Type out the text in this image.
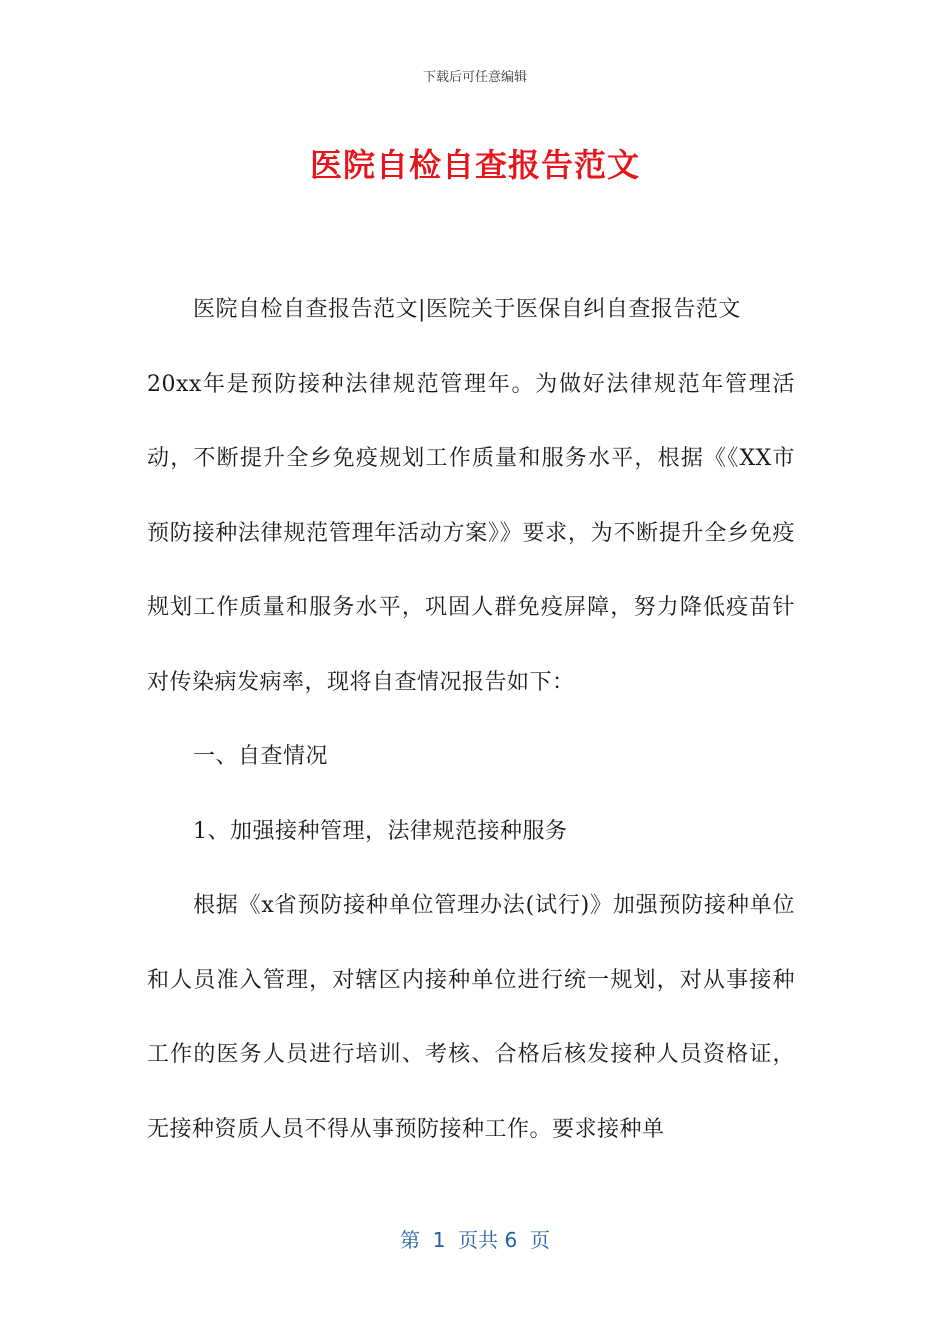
下载后可任意编辑
医院自检自查报告范文

医院自检自查报告范文|医院关于医保自纠自查报告范文

20xx年是预防接种法律规范管理年。为做好法律规范年管理活动，不断提升全乡免疫规划工作质量和服务水平，根据《《XX市预防接种法律规范管理年活动方案》》要求，为不断提升全乡免疫规划工作质量和服务水平，巩固人群免疫屏障，努力降低疫苗针对传染病发病率，现将自查情况报告如下：

一、自查情况

1、加强接种管理，法律规范接种服务

根据《x省预防接种单位管理办法(试行)》加强预防接种单位和人员准入管理，对辖区内接种单位进行统一规划，对从事接种工作的医务人员进行培训、考核、合格后核发接种人员资格证，无接种资质人员不得从事预防接种工作。要求接种单

第  1  页共 6  页
